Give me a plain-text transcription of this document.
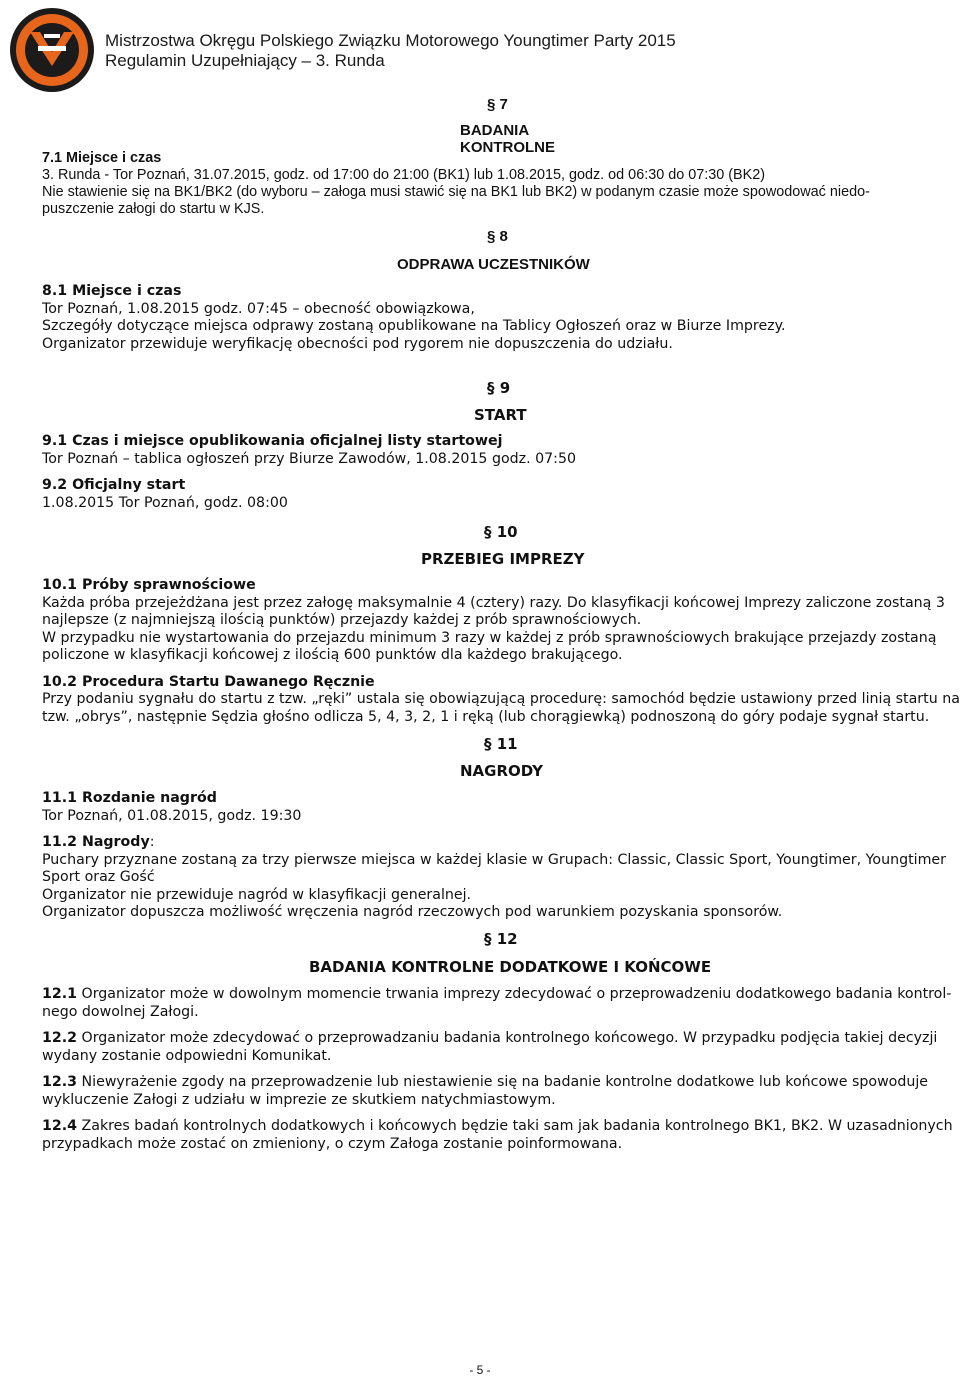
Mistrzostwa Okręgu Polskiego Związku Motorowego Youngtimer Party 2015
Regulamin Uzupełniający – 3. Runda
§ 7
BADANIA KONTROLNE

7.1 Miejsce i czas

3. Runda - Tor Poznań, 31.07.2015, godz. od 17:00 do 21:00 (BK1) lub 1.08.2015, godz. od 06:30 do 07:30 (BK2)

Nie stawienie się na BK1/BK2 (do wyboru – załoga musi stawić się na BK1 lub BK2) w podanym czasie może spowodować niedo-

puszczenie załogi do startu w KJS.

§ 8
ODPRAWA UCZESTNIKÓW

8.1 Miejsce i czas

Tor Poznań, 1.08.2015 godz. 07:45 – obecność obowiązkowa,

Szczegóły dotyczące miejsca odprawy zostaną opublikowane na Tablicy Ogłoszeń oraz w Biurze Imprezy.

Organizator przewiduje weryfikację obecności pod rygorem nie dopuszczenia do udziału.

§ 9
START

9.1 Czas i miejsce opublikowania oficjalnej listy startowej

Tor Poznań – tablica ogłoszeń przy Biurze Zawodów, 1.08.2015 godz. 07:50

9.2 Oficjalny start

1.08.2015 Tor Poznań, godz. 08:00

§ 10
PRZEBIEG IMPREZY

10.1 Próby sprawnościowe

Każda próba przejeżdżana jest przez załogę maksymalnie 4 (cztery) razy. Do klasyfikacji końcowej Imprezy zaliczone zostaną 3

najlepsze (z najmniejszą ilością punktów) przejazdy każdej z prób sprawnościowych.

W przypadku nie wystartowania do przejazdu minimum 3 razy w każdej z prób sprawnościowych brakujące przejazdy zostaną

policzone w klasyfikacji końcowej z ilością 600 punktów dla każdego brakującego.

10.2 Procedura Startu Dawanego Ręcznie

Przy podaniu sygnału do startu z tzw. „ręki” ustala się obowiązującą procedurę: samochód będzie ustawiony przed linią startu na

tzw. „obrys”, następnie Sędzia głośno odlicza 5, 4, 3, 2, 1 i ręką (lub chorągiewką) podnoszoną do góry podaje sygnał startu.

§ 11
NAGRODY

11.1 Rozdanie nagród

Tor Poznań, 01.08.2015, godz. 19:30

11.2 Nagrody:

Puchary przyznane zostaną za trzy pierwsze miejsca w każdej klasie w Grupach: Classic, Classic Sport, Youngtimer, Youngtimer

Sport oraz Gość

Organizator nie przewiduje nagród w klasyfikacji generalnej.

Organizator dopuszcza możliwość wręczenia nagród rzeczowych pod warunkiem pozyskania sponsorów.

§ 12
BADANIA KONTROLNE DODATKOWE I KOŃCOWE

12.1 Organizator może w dowolnym momencie trwania imprezy zdecydować o przeprowadzeniu dodatkowego badania kontrol-

nego dowolnej Załogi.

12.2 Organizator może zdecydować o przeprowadzaniu badania kontrolnego końcowego. W przypadku podjęcia takiej decyzji

wydany zostanie odpowiedni Komunikat.

12.3 Niewyrażenie zgody na przeprowadzenie lub niestawienie się na badanie kontrolne dodatkowe lub końcowe spowoduje

wykluczenie Załogi z udziału w imprezie ze skutkiem natychmiastowym.

12.4 Zakres badań kontrolnych dodatkowych i końcowych będzie taki sam jak badania kontrolnego BK1, BK2. W uzasadnionych

przypadkach może zostać on zmieniony, o czym Załoga zostanie poinformowana.

- 5 -
